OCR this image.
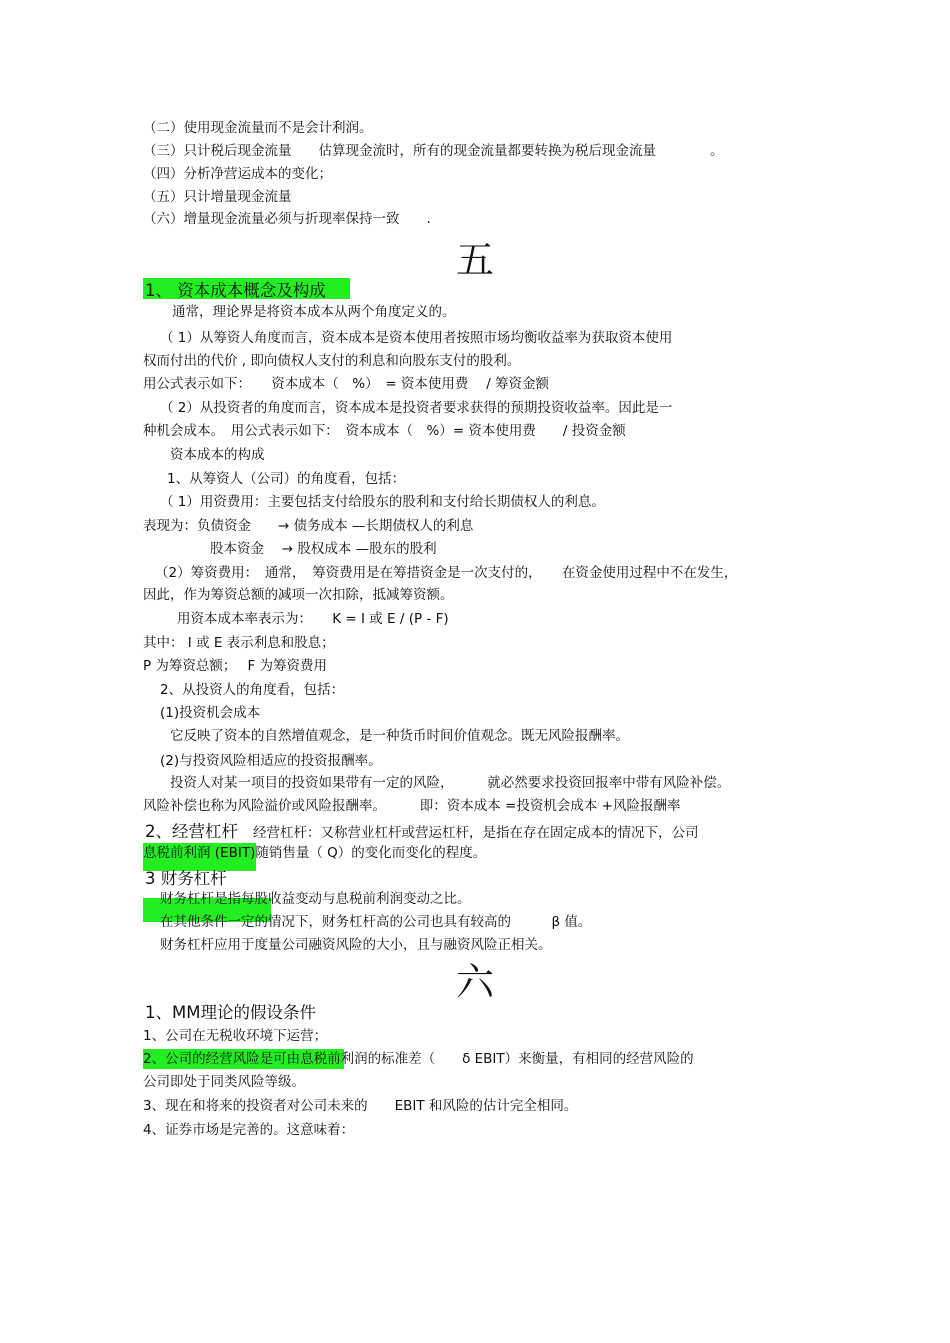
（二）使用现金流量而不是会计利润。
（三）只计税后现金流量　　估算现金流时，所有的现金流量都要转换为税后现金流量　　　　。
（四）分析净营运成本的变化；
（五）只计增量现金流量
（六）增量现金流量必须与折现率保持一致　　.
五
1、 资本成本概念及构成
通常，理论界是将资本成本从两个角度定义的。
（ 1）从筹资人角度而言，资本成本是资本使用者按照市场均衡收益率为获取资本使用
权而付出的代价 , 即向债权人支付的利息和向股东支付的股利。
用公式表示如下：　　资本成本（　%）　= 资本使用费　 / 筹资金额
（ 2）从投资者的角度而言，资本成本是投资者要求获得的预期投资收益率。因此是一
种机会成本。　用公式表示如下：　资本成本（　%）= 资本使用费　　/ 投资金额
资本成本的构成
1、从筹资人（公司）的角度看，包括：
（ 1）用资费用：主要包括支付给股东的股利和支付给长期债权人的利息。
表现为：负债资金　　→ 债务成本 —长期债权人的利息
股本资金　 → 股权成本 —股东的股利
（2）筹资费用：　通常，　筹资费用是在筹措资金是一次支付的，　　在资金使用过程中不在发生，
因此，作为筹资总额的减项一次扣除，抵减筹资额。
用资本成本率表示为：　　K = I 或 E / (P - F)
其中： I 或 E 表示利息和股息；
P 为筹资总额；　 F 为筹资费用
2、从投资人的角度看，包括：
(1)投资机会成本
它反映了资本的自然增值观念，是一种货币时间价值观念。既无风险报酬率。
(2)与投资风险相适应的投资报酬率。
投资人对某一项目的投资如果带有一定的风险，　　　就必然要求投资回报率中带有风险补偿。
风险补偿也称为风险溢价或风险报酬率。　　　即：资本成本 =投资机会成本 +风险报酬率
2、经营杠杆 经营杠杆：又称营业杠杆或营运杠杆，是指在存在固定成本的情况下，公司
息税前利润 (EBIT)随销售量（ Q）的变化而变化的程度。
3 财务杠杆
财务杠杆是指每股收益变动与息税前利润变动之比。
在其他条件一定的情况下，财务杠杆高的公司也具有较高的　　　β 值。
财务杠杆应用于度量公司融资风险的大小，且与融资风险正相关。
六
1、MM理论的假设条件
1、公司在无税收环境下运营；
2、公司的经营风险是可由息税前利润的标准差（　　δ EBIT）来衡量，有相同的经营风险的
公司即处于同类风险等级。
3、现在和将来的投资者对公司未来的　　EBIT 和风险的估计完全相同。
4、证券市场是完善的。这意味着：
